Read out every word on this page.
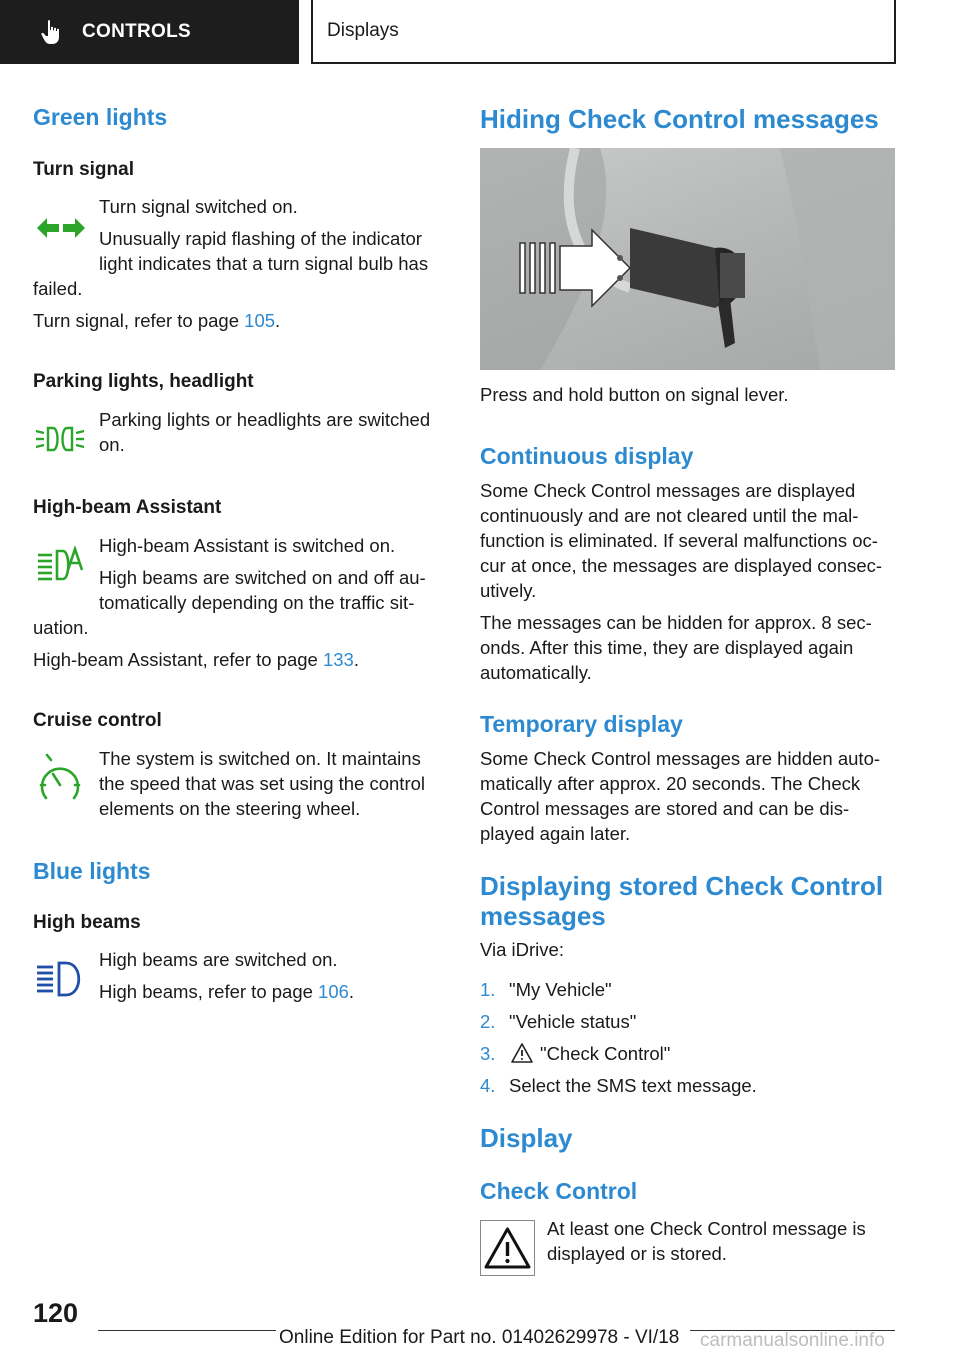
CONTROLS	Displays
Green lights
Turn signal
Turn signal switched on.
Unusually rapid flashing of the indicator
light indicates that a turn signal bulb has
failed.
Turn signal, refer to page 105.
Parking lights, headlight
Parking lights or headlights are switched
on.
High-beam Assistant
High-beam Assistant is switched on.
High beams are switched on and off au-
tomatically depending on the traffic sit-
uation.
High-beam Assistant, refer to page 133.
Cruise control
The system is switched on. It maintains
the speed that was set using the control
elements on the steering wheel.
Blue lights
High beams
High beams are switched on.
High beams, refer to page 106.
Hiding Check Control messages
Press and hold button on signal lever.
Continuous display
Some Check Control messages are displayed
continuously and are not cleared until the mal-
function is eliminated. If several malfunctions oc-
cur at once, the messages are displayed consec-
utively.
The messages can be hidden for approx. 8 sec-
onds. After this time, they are displayed again
automatically.
Temporary display
Some Check Control messages are hidden auto-
matically after approx. 20 seconds. The Check
Control messages are stored and can be dis-
played again later.
Displaying stored Check Control
messages
Via iDrive:
1. "My Vehicle"
2. "Vehicle status"
3. "Check Control"
4. Select the SMS text message.
Display
Check Control
At least one Check Control message is
displayed or is stored.
120
Online Edition for Part no. 01402629978 - VI/18 carmanualsonline.info
